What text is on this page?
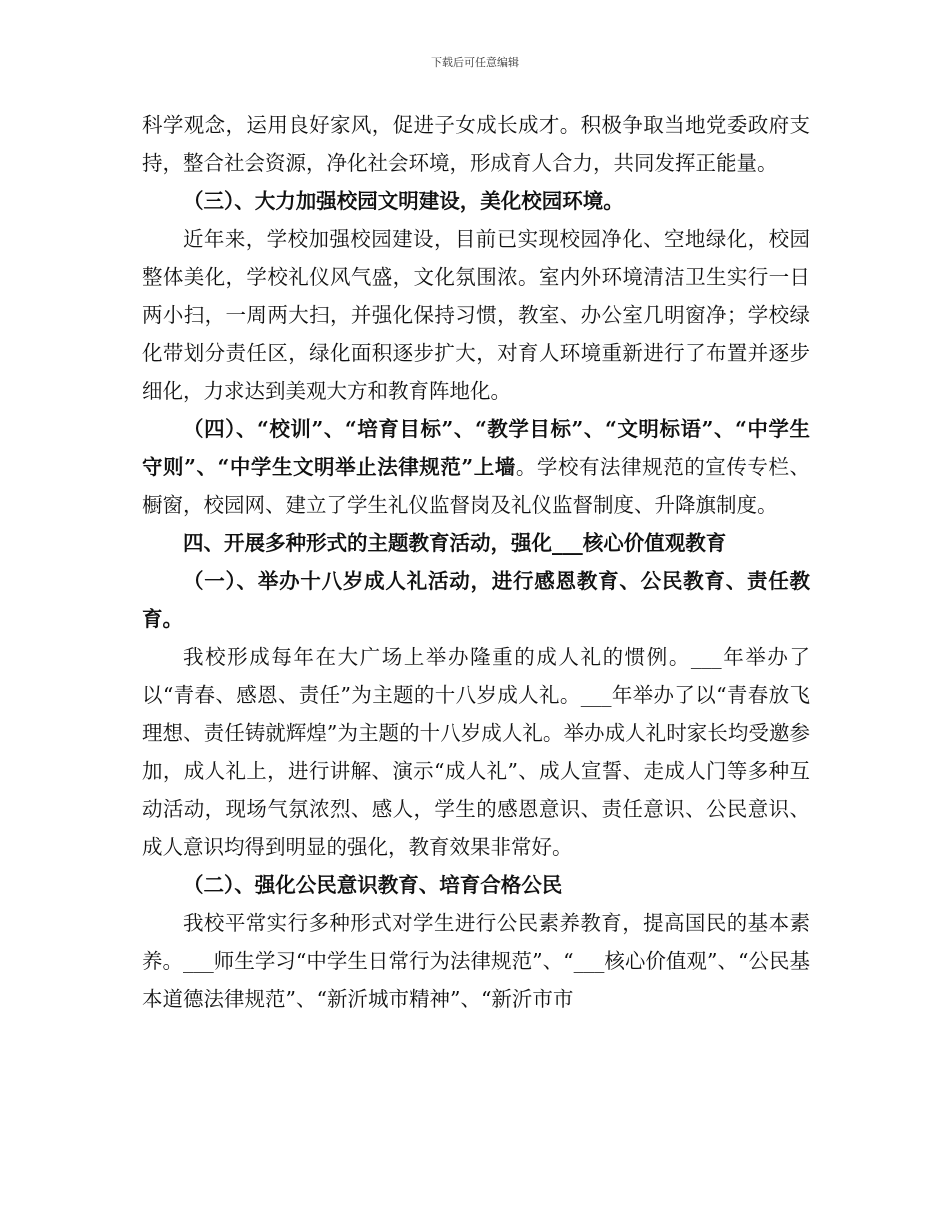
下载后可任意编辑

科学观念，运用良好家风，促进子女成长成才。积极争取当地党委政府支持，整合社会资源，净化社会环境，形成育人合力，共同发挥正能量。

（三）、大力加强校园文明建设，美化校园环境。

近年来，学校加强校园建设，目前已实现校园净化、空地绿化，校园整体美化，学校礼仪风气盛，文化氛围浓。室内外环境清洁卫生实行一日两小扫，一周两大扫，并强化保持习惯，教室、办公室几明窗净；学校绿化带划分责任区，绿化面积逐步扩大，对育人环境重新进行了布置并逐步细化，力求达到美观大方和教育阵地化。

（四）、“校训”、“培育目标”、“教学目标”、“文明标语”、“中学生守则”、“中学生文明举止法律规范”上墙。学校有法律规范的宣传专栏、橱窗，校园网、建立了学生礼仪监督岗及礼仪监督制度、升降旗制度。

四、开展多种形式的主题教育活动，强化___核心价值观教育

（一）、举办十八岁成人礼活动，进行感恩教育、公民教育、责任教育。

我校形成每年在大广场上举办隆重的成人礼的惯例。___年举办了以“青春、感恩、责任”为主题的十八岁成人礼。___年举办了以“青春放飞理想、责任铸就辉煌”为主题的十八岁成人礼。举办成人礼时家长均受邀参加，成人礼上，进行讲解、演示“成人礼”、成人宣誓、走成人门等多种互动活动，现场气氛浓烈、感人，学生的感恩意识、责任意识、公民意识、成人意识均得到明显的强化，教育效果非常好。

（二）、强化公民意识教育、培育合格公民

我校平常实行多种形式对学生进行公民素养教育，提高国民的基本素养。___师生学习“中学生日常行为法律规范”、“___核心价值观”、“公民基本道德法律规范”、“新沂城市精神”、“新沂市市
